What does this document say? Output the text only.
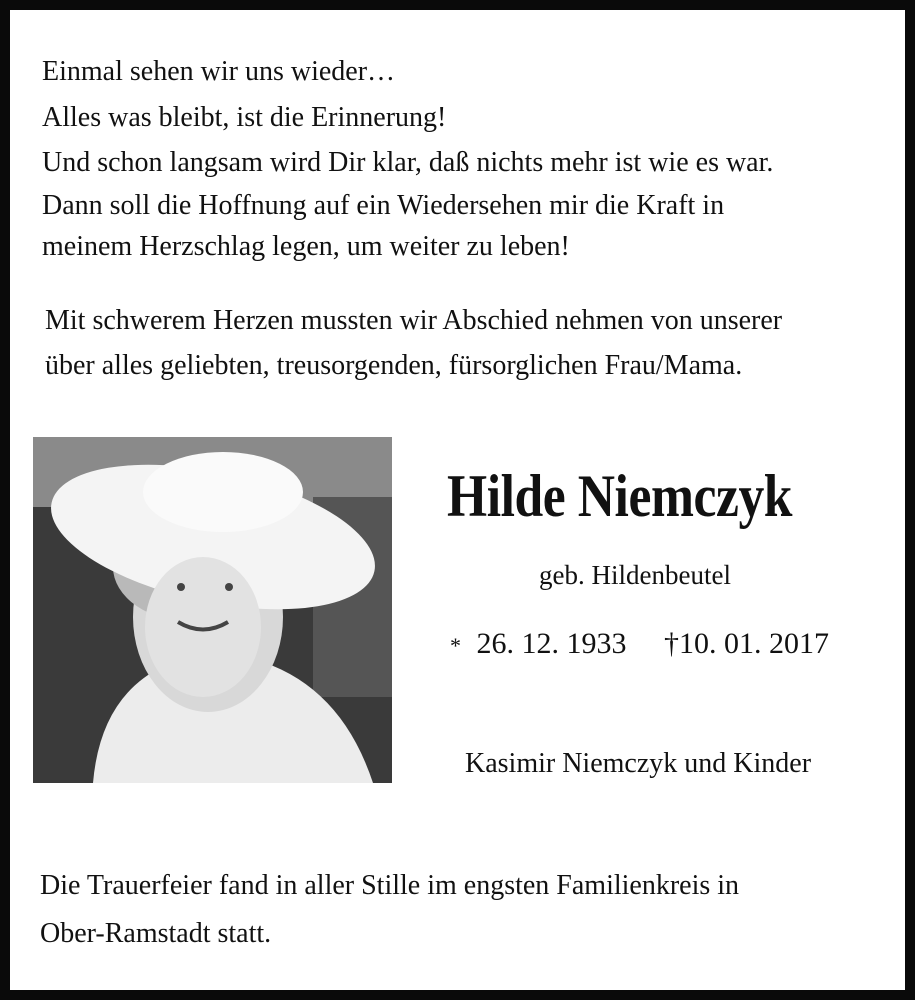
Einmal sehen wir uns wieder…
Alles was bleibt, ist die Erinnerung!
Und schon langsam wird Dir klar, daß nichts mehr ist wie es war.
Dann soll die Hoffnung auf ein Wiedersehen mir die Kraft in
meinem Herzschlag legen, um weiter zu leben!
Mit schwerem Herzen mussten wir Abschied nehmen von unserer
über alles geliebten, treusorgenden, fürsorglichen Frau/Mama.
Hilde Niemczyk
geb. Hildenbeutel
* 26. 12. 1933 †10. 01. 2017
Kasimir Niemczyk und Kinder
Die Trauerfeier fand in aller Stille im engsten Familienkreis in
Ober-Ramstadt statt.
